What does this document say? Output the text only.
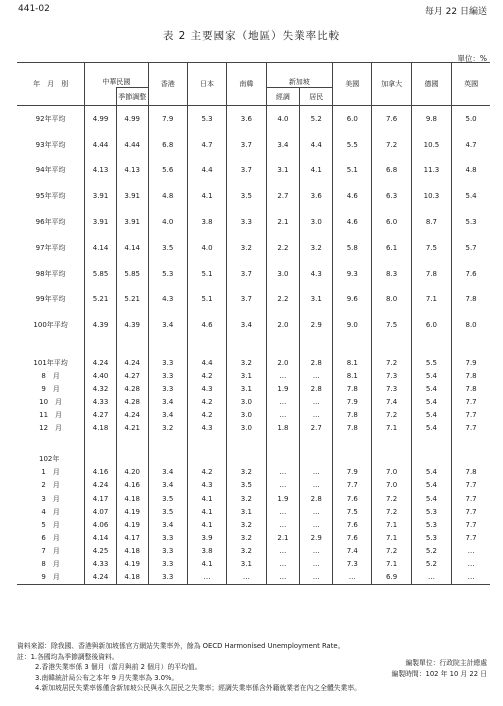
441-02	每月 22 日編送
表 2 主要國家（地區）失業率比較
單位：%
年　月　別	中華民國		香港	日本	南韓	新加坡		美國	加拿大	德國	英國
		季節調整				經調	居民				
92年平均	4.99	4.99	7.9	5.3	3.6	4.0	5.2	6.0	7.6	9.8	5.0
93年平均	4.44	4.44	6.8	4.7	3.7	3.4	4.4	5.5	7.2	10.5	4.7
94年平均	4.13	4.13	5.6	4.4	3.7	3.1	4.1	5.1	6.8	11.3	4.8
95年平均	3.91	3.91	4.8	4.1	3.5	2.7	3.6	4.6	6.3	10.3	5.4
96年平均	3.91	3.91	4.0	3.8	3.3	2.1	3.0	4.6	6.0	8.7	5.3
97年平均	4.14	4.14	3.5	4.0	3.2	2.2	3.2	5.8	6.1	7.5	5.7
98年平均	5.85	5.85	5.3	5.1	3.7	3.0	4.3	9.3	8.3	7.8	7.6
99年平均	5.21	5.21	4.3	5.1	3.7	2.2	3.1	9.6	8.0	7.1	7.8
100年平均	4.39	4.39	3.4	4.6	3.4	2.0	2.9	9.0	7.5	6.0	8.0

101年平均	4.24	4.24	3.3	4.4	3.2	2.0	2.8	8.1	7.2	5.5	7.9
8　月	4.40	4.27	3.3	4.2	3.1	…	…	8.1	7.3	5.4	7.8
9　月	4.32	4.28	3.3	4.3	3.1	1.9	2.8	7.8	7.3	5.4	7.8
10　月	4.33	4.28	3.4	4.2	3.0	…	…	7.9	7.4	5.4	7.7
11　月	4.27	4.24	3.4	4.2	3.0	…	…	7.8	7.2	5.4	7.7
12　月	4.18	4.21	3.2	4.3	3.0	1.8	2.7	7.8	7.1	5.4	7.7

102年											
1　月	4.16	4.20	3.4	4.2	3.2	…	…	7.9	7.0	5.4	7.8
2　月	4.24	4.16	3.4	4.3	3.5	…	…	7.7	7.0	5.4	7.7
3　月	4.17	4.18	3.5	4.1	3.2	1.9	2.8	7.6	7.2	5.4	7.7
4　月	4.07	4.19	3.5	4.1	3.1	…	…	7.5	7.2	5.3	7.7
5　月	4.06	4.19	3.4	4.1	3.2	…	…	7.6	7.1	5.3	7.7
6　月	4.14	4.17	3.3	3.9	3.2	2.1	2.9	7.6	7.1	5.3	7.7
7　月	4.25	4.18	3.3	3.8	3.2	…	…	7.4	7.2	5.2	…
8　月	4.33	4.19	3.3	4.1	3.1	…	…	7.3	7.1	5.2	…
9　月	4.24	4.18	3.3	…	…	…	…	…	6.9	…	…
資料來源：除我國、香港與新加坡係官方網站失業率外，餘為 OECD Harmonised Unemployment Rate。
註：1.各國均為季節調整後資料。
2.香港失業率係 3 個月（當月與前 2 個月）的平均值。
3.南韓統計局公布之本年 9 月失業率為 3.0%。
4.新加坡居民失業率係僅含新加坡公民與永久居民之失業率；經調失業率係含外籍就業者在內之全體失業率。
編製單位：行政院主計總處
編製時間：102 年 10 月 22 日
